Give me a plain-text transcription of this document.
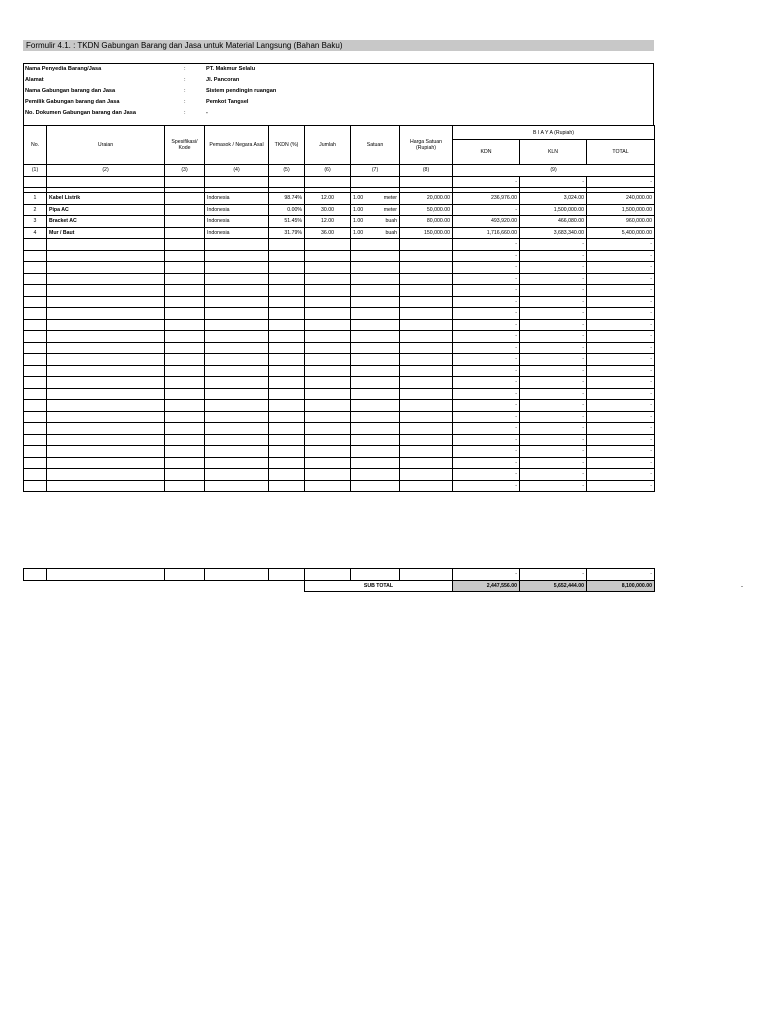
Formulir 4.1. : TKDN Gabungan Barang dan Jasa untuk Material Langsung (Bahan Baku)
Nama Penyedia Barang/Jasa	:	PT. Makmur Selalu
Alamat	:	Jl. Pancoran
Nama Gabungan barang dan Jasa	:	Sistem pendingin ruangan
Pemilik Gabungan barang dan Jasa	:	Pemkot Tangsel
No. Dokumen Gabungan barang dan Jasa	:	-
No.	Uraian	Spesifikasi/ Kode	Pemasok / Negara Asal	TKDN (%)	Jumlah	Satuan	Harga Satuan (Rupiah)	B I A Y A (Rupiah)		
								KDN	KLN	TOTAL
(1)	(2)	(3)	(4)	(5)	(6)	(7)	(8)	(9)		
								-	-	-

1	Kabel Listrik		Indonesia	98.74%	12.00	1.00 meter	20,000.00	236,976.00	3,024.00	240,000.00
2	Pipa AC		Indonesia	0.00%	30.00	1.00 meter	50,000.00	-	1,500,000.00	1,500,000.00
3	Bracket AC		Indonesia	51.45%	12.00	1.00 buah	80,000.00	493,920.00	466,080.00	960,000.00
4	Mur / Baut		Indonesia	31.79%	36.00	1.00 buah	150,000.00	1,716,660.00	3,683,340.00	5,400,000.00
								-	-	-
								-	-	-
								-	-	-
								-	-	-
								-	-	-
								-	-	-
								-	-	-
								-	-	-
								-	-	-
								-	-	-
								-	-	-
								-	-	-
								-	-	-
								-	-	-
								-	-	-
								-	-	-
								-	-	-
								-	-	-
								-	-	-
								-	-	-
								-	-	-
								-	-	-
								-	-	-
					SUB TOTAL			2,447,556.00	5,652,444.00	8,100,000.00	-
